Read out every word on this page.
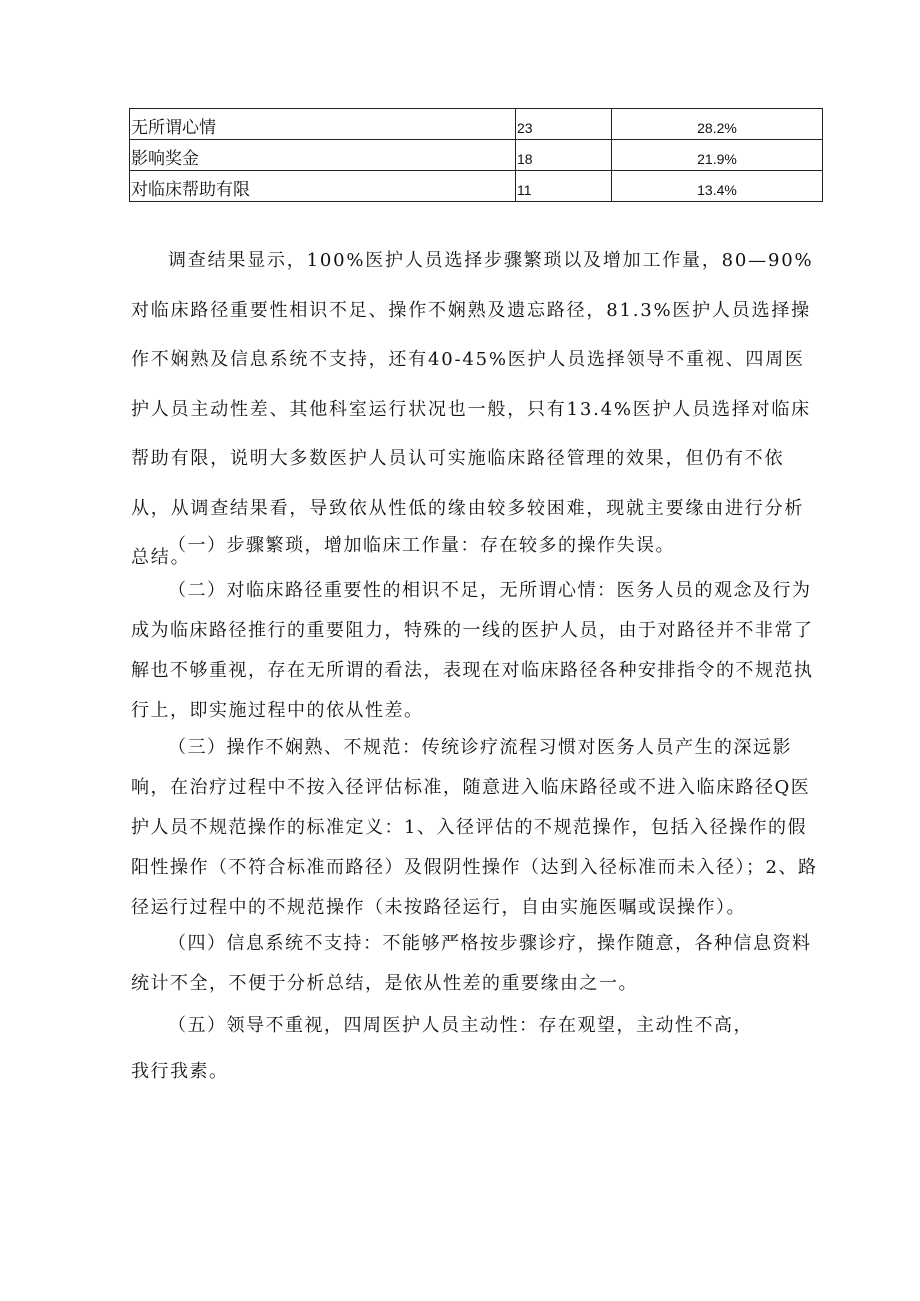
无所谓心情	23	28.2%
影响奖金	18	21.9%
对临床帮助有限	11	13.4%

调查结果显示，100%医护人员选择步骤繁琐以及增加工作量，80—90%对临床路径重要性相识不足、操作不娴熟及遗忘路径，81.3%医护人员选择操作不娴熟及信息系统不支持，还有40-45%医护人员选择领导不重视、四周医护人员主动性差、其他科室运行状况也一般，只有13.4%医护人员选择对临床帮助有限，说明大多数医护人员认可实施临床路径管理的效果，但仍有不依从，从调查结果看，导致依从性低的缘由较多较困难，现就主要缘由进行分析总结。

（一）步骤繁琐，增加临床工作量：存在较多的操作失误。

（二）对临床路径重要性的相识不足，无所谓心情：医务人员的观念及行为成为临床路径推行的重要阻力，特殊的一线的医护人员，由于对路径并不非常了解也不够重视，存在无所谓的看法，表现在对临床路径各种安排指令的不规范执行上，即实施过程中的依从性差。

（三）操作不娴熟、不规范：传统诊疗流程习惯对医务人员产生的深远影响，在治疗过程中不按入径评估标准，随意进入临床路径或不进入临床路径Q医护人员不规范操作的标准定义：1、入径评估的不规范操作，包括入径操作的假阳性操作（不符合标准而路径）及假阴性操作（达到入径标准而未入径）；2、路径运行过程中的不规范操作（未按路径运行，自由实施医嘱或误操作）。

（四）信息系统不支持：不能够严格按步骤诊疗，操作随意，各种信息资料统计不全，不便于分析总结，是依从性差的重要缘由之一。

（五）领导不重视，四周医护人员主动性：存在观望，主动性不高，

我行我素。
